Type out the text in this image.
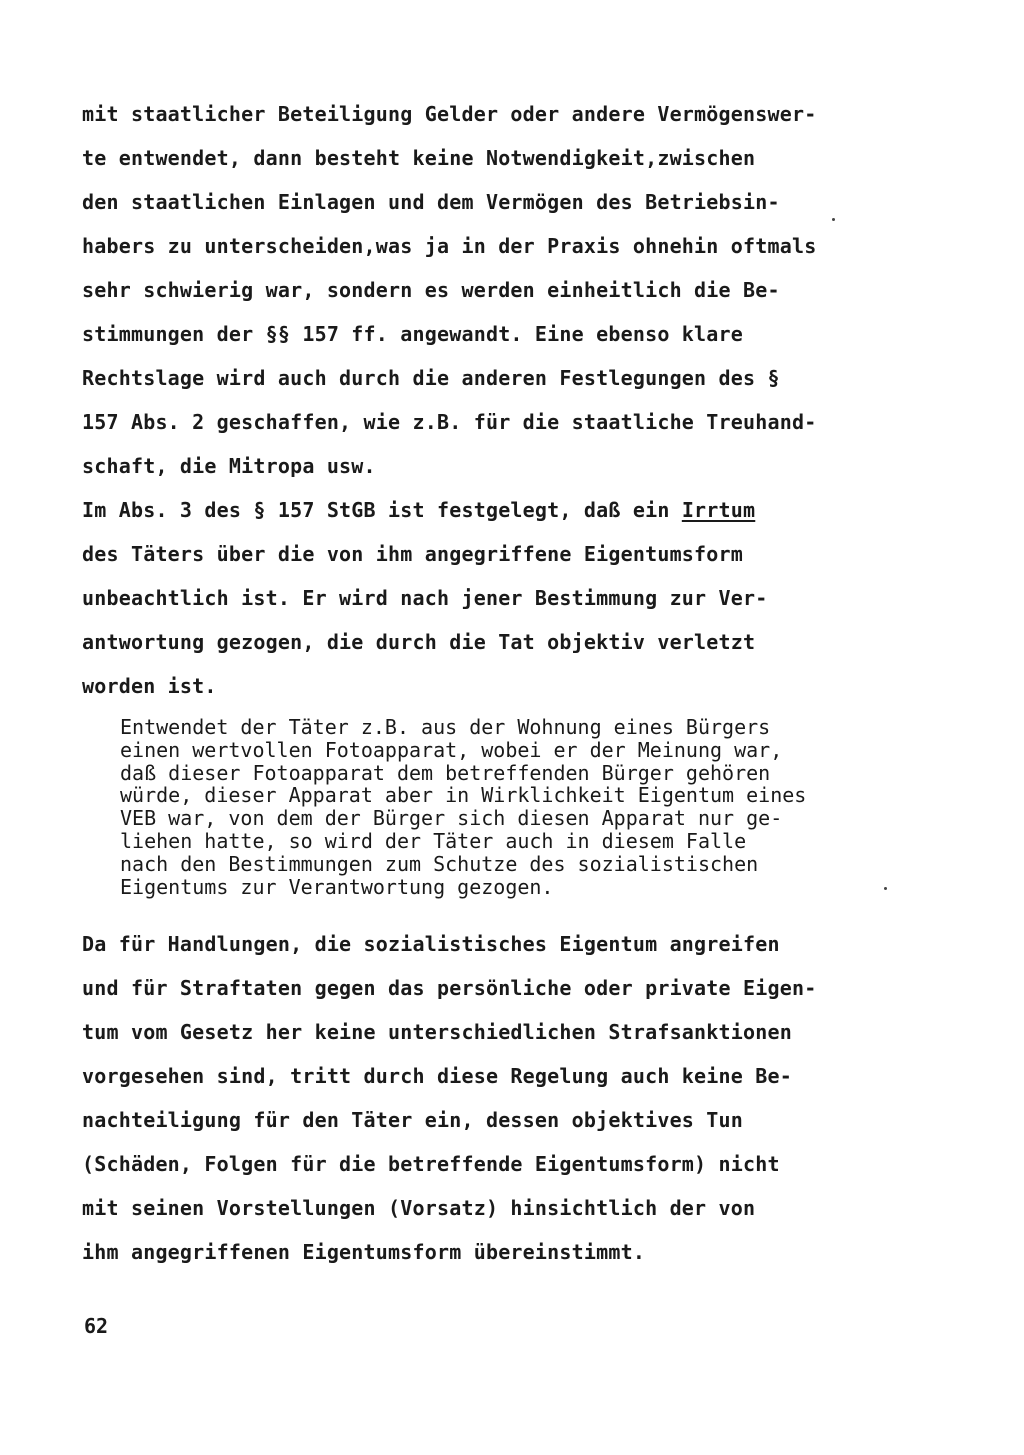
mit staatlicher Beteiligung Gelder oder andere Vermögenswer-
te entwendet, dann besteht keine Notwendigkeit,zwischen
den staatlichen Einlagen und dem Vermögen des Betriebsin-
habers zu unterscheiden,was ja in der Praxis ohnehin oftmals
sehr schwierig war, sondern es werden einheitlich die Be-
stimmungen der §§ 157 ff. angewandt. Eine ebenso klare
Rechtslage wird auch durch die anderen Festlegungen des §
157 Abs. 2 geschaffen, wie z.B. für die staatliche Treuhand-
schaft, die Mitropa usw.
Im Abs. 3 des § 157 StGB ist festgelegt, daß ein Irrtum
des Täters über die von ihm angegriffene Eigentumsform
unbeachtlich ist. Er wird nach jener Bestimmung zur Ver-
antwortung gezogen, die durch die Tat objektiv verletzt
worden ist.
Entwendet der Täter z.B. aus der Wohnung eines Bürgers
einen wertvollen Fotoapparat, wobei er der Meinung war,
daß dieser Fotoapparat dem betreffenden Bürger gehören
würde, dieser Apparat aber in Wirklichkeit Eigentum eines
VEB war, von dem der Bürger sich diesen Apparat nur ge-
liehen hatte, so wird der Täter auch in diesem Falle
nach den Bestimmungen zum Schutze des sozialistischen
Eigentums zur Verantwortung gezogen.
Da für Handlungen, die sozialistisches Eigentum angreifen
und für Straftaten gegen das persönliche oder private Eigen-
tum vom Gesetz her keine unterschiedlichen Strafsanktionen
vorgesehen sind, tritt durch diese Regelung auch keine Be-
nachteiligung für den Täter ein, dessen objektives Tun
(Schäden, Folgen für die betreffende Eigentumsform) nicht
mit seinen Vorstellungen (Vorsatz) hinsichtlich der von
ihm angegriffenen Eigentumsform übereinstimmt.
62
